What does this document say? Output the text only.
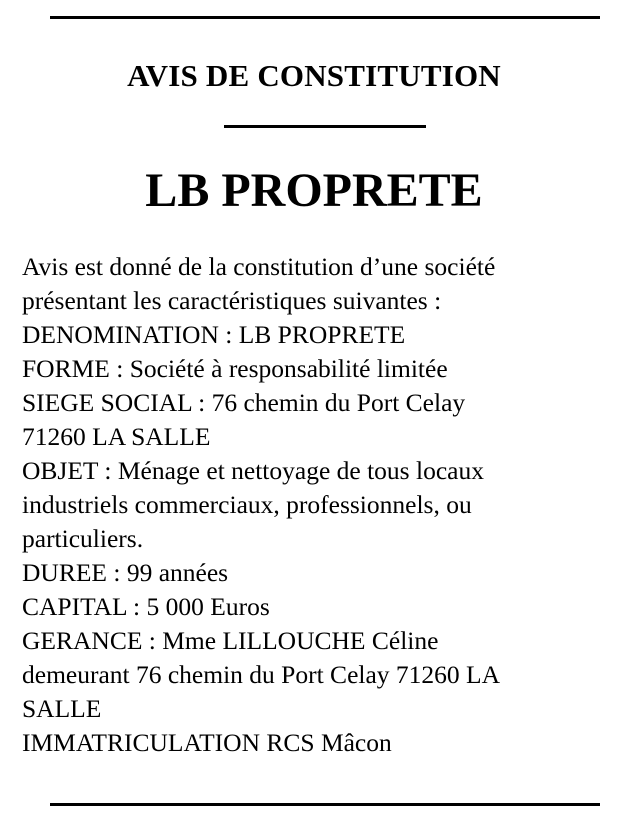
AVIS DE CONSTITUTION
LB PROPRETE
Avis est donné de la constitution d’une société
présentant les caractéristiques suivantes :
DENOMINATION : LB PROPRETE
FORME : Société à responsabilité limitée
SIEGE SOCIAL : 76 chemin du Port Celay
71260 LA SALLE
OBJET : Ménage et nettoyage de tous locaux
industriels commerciaux, professionnels, ou
particuliers.
DUREE : 99 années
CAPITAL : 5 000 Euros
GERANCE : Mme LILLOUCHE Céline
demeurant 76 chemin du Port Celay 71260 LA
SALLE
IMMATRICULATION RCS Mâcon
